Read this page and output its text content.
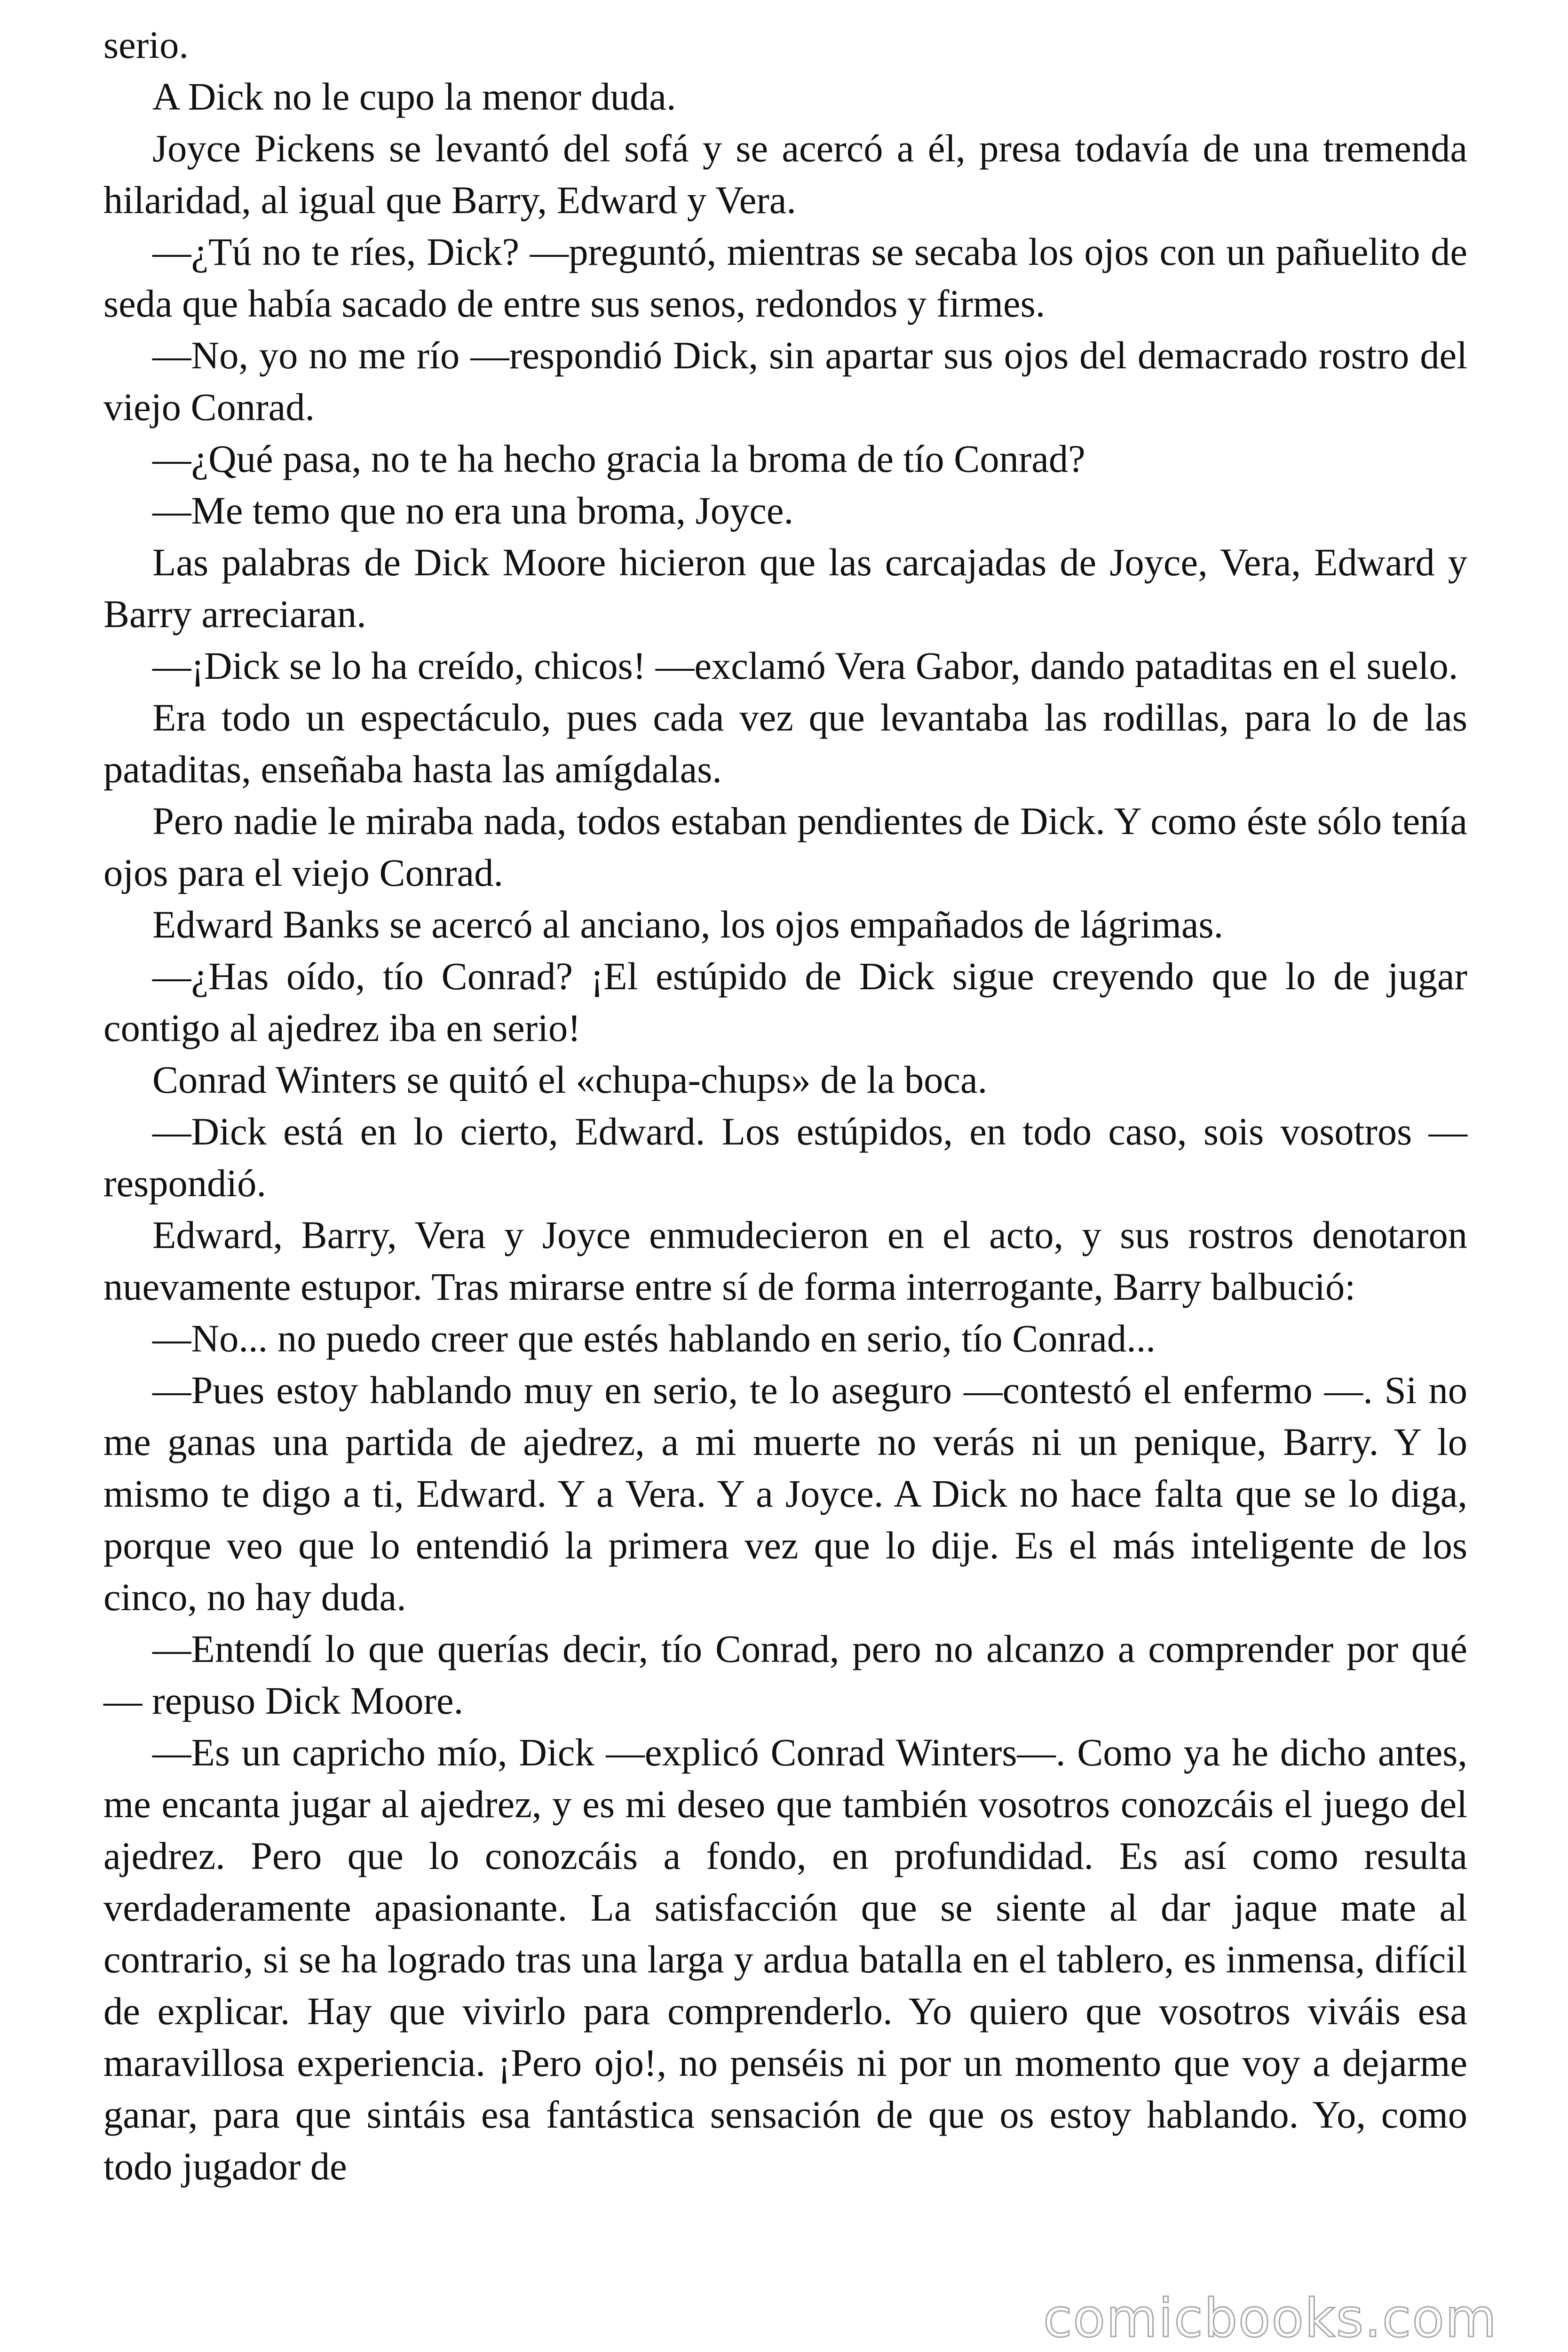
serio.

A Dick no le cupo la menor duda.

Joyce Pickens se levantó del sofá y se acercó a él, presa todavía de una tremenda hilaridad, al igual que Barry, Edward y Vera.

—¿Tú no te ríes, Dick? —preguntó, mientras se secaba los ojos con un pañuelito de seda que había sacado de entre sus senos, redondos y firmes.

—No, yo no me río —respondió Dick, sin apartar sus ojos del demacrado rostro del viejo Conrad.

—¿Qué pasa, no te ha hecho gracia la broma de tío Conrad?

—Me temo que no era una broma, Joyce.

Las palabras de Dick Moore hicieron que las carcajadas de Joyce, Vera, Edward y Barry arreciaran.

—¡Dick se lo ha creído, chicos! —exclamó Vera Gabor, dando pataditas en el suelo.

Era todo un espectáculo, pues cada vez que levantaba las rodillas, para lo de las pataditas, enseñaba hasta las amígdalas.

Pero nadie le miraba nada, todos estaban pendientes de Dick. Y como éste sólo tenía ojos para el viejo Conrad.

Edward Banks se acercó al anciano, los ojos empañados de lágrimas.

—¿Has oído, tío Conrad? ¡El estúpido de Dick sigue creyendo que lo de jugar contigo al ajedrez iba en serio!

Conrad Winters se quitó el «chupa-chups» de la boca.

—Dick está en lo cierto, Edward. Los estúpidos, en todo caso, sois vosotros — respondió.

Edward, Barry, Vera y Joyce enmudecieron en el acto, y sus rostros denotaron nuevamente estupor. Tras mirarse entre sí de forma interrogante, Barry balbució:

—No... no puedo creer que estés hablando en serio, tío Conrad...

—Pues estoy hablando muy en serio, te lo aseguro —contestó el enfermo —. Si no me ganas una partida de ajedrez, a mi muerte no verás ni un penique, Barry. Y lo mismo te digo a ti, Edward. Y a Vera. Y a Joyce. A Dick no hace falta que se lo diga, porque veo que lo entendió la primera vez que lo dije. Es el más inteligente de los cinco, no hay duda.

—Entendí lo que querías decir, tío Conrad, pero no alcanzo a comprender por qué — repuso Dick Moore.

—Es un capricho mío, Dick —explicó Conrad Winters—. Como ya he dicho antes, me encanta jugar al ajedrez, y es mi deseo que también vosotros conozcáis el juego del ajedrez. Pero que lo conozcáis a fondo, en profundidad. Es así como resulta verdaderamente apasionante. La satisfacción que se siente al dar jaque mate al contrario, si se ha logrado tras una larga y ardua batalla en el tablero, es inmensa, difícil de explicar. Hay que vivirlo para comprenderlo. Yo quiero que vosotros viváis esa maravillosa experiencia. ¡Pero ojo!, no penséis ni por un momento que voy a dejarme ganar, para que sintáis esa fantástica sensación de que os estoy hablando. Yo, como todo jugador de

comicbooks.com
